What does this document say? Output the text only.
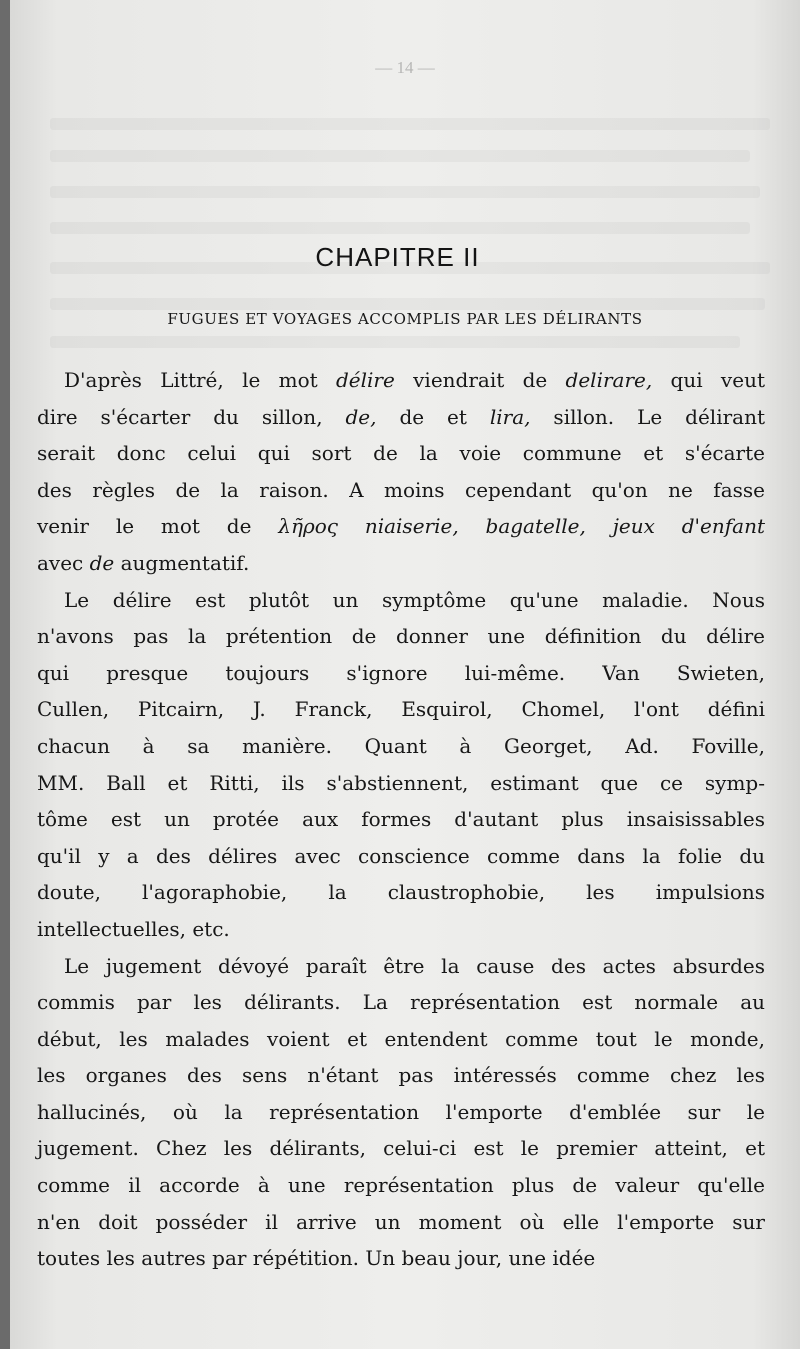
— 14 —
CHAPITRE II
FUGUES ET VOYAGES ACCOMPLIS PAR LES DÉLIRANTS
D'après Littré, le mot délire viendrait de delirare, qui veut
dire s'écarter du sillon, de, de et lira, sillon. Le délirant
serait donc celui qui sort de la voie commune et s'écarte
des règles de la raison. A moins cependant qu'on ne fasse
venir le mot de λῆρος niaiserie, bagatelle, jeux d'enfant
avec de augmentatif.
Le délire est plutôt un symptôme qu'une maladie. Nous
n'avons pas la prétention de donner une définition du délire
qui presque toujours s'ignore lui-même. Van Swieten,
Cullen, Pitcairn, J. Franck, Esquirol, Chomel, l'ont défini
chacun à sa manière. Quant à Georget, Ad. Foville,
MM. Ball et Ritti, ils s'abstiennent, estimant que ce symp-
tôme est un protée aux formes d'autant plus insaisissables
qu'il y a des délires avec conscience comme dans la folie du
doute, l'agoraphobie, la claustrophobie, les impulsions
intellectuelles, etc.
Le jugement dévoyé paraît être la cause des actes absurdes
commis par les délirants. La représentation est normale au
début, les malades voient et entendent comme tout le monde,
les organes des sens n'étant pas intéressés comme chez les
hallucinés, où la représentation l'emporte d'emblée sur le
jugement. Chez les délirants, celui-ci est le premier atteint, et
comme il accorde à une représentation plus de valeur qu'elle
n'en doit posséder il arrive un moment où elle l'emporte sur
toutes les autres par répétition. Un beau jour, une idée
